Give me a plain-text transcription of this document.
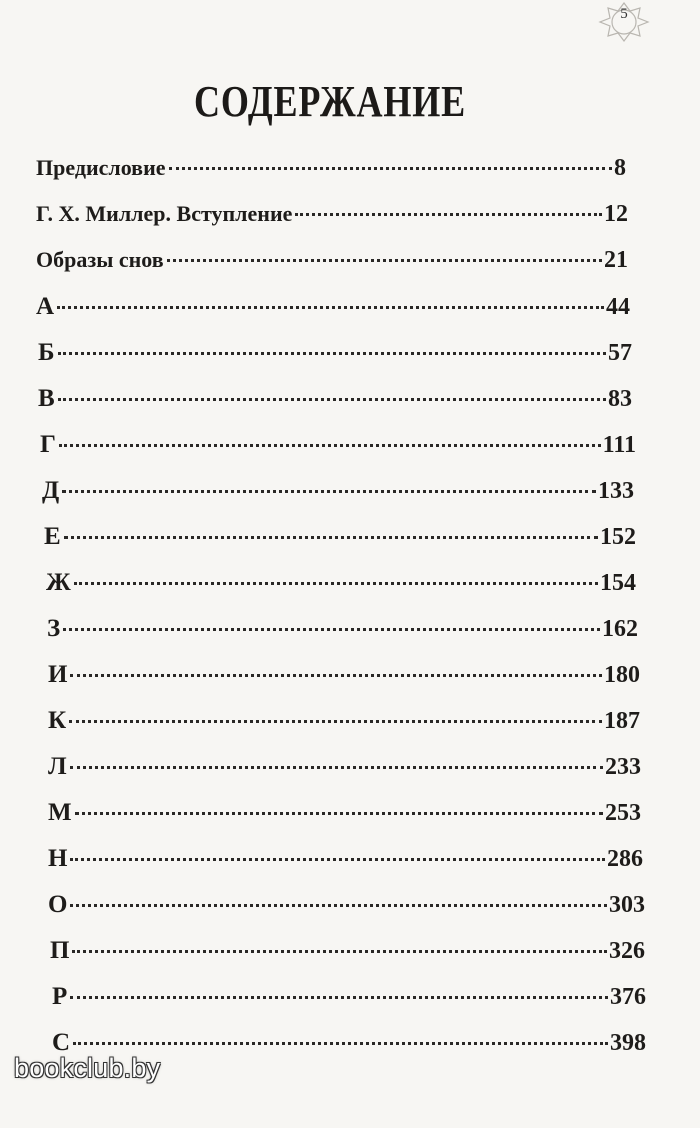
5
СОДЕРЖАНИЕ
Предисловие	8
Г. Х. Миллер. Вступление	12
Образы снов	21
А	44
Б	57
В	83
Г	111
Д	133
Е	152
Ж	154
З	162
И	180
К	187
Л	233
М	253
Н	286
О	303
П	326
Р	376
С	398
bookclub.by
